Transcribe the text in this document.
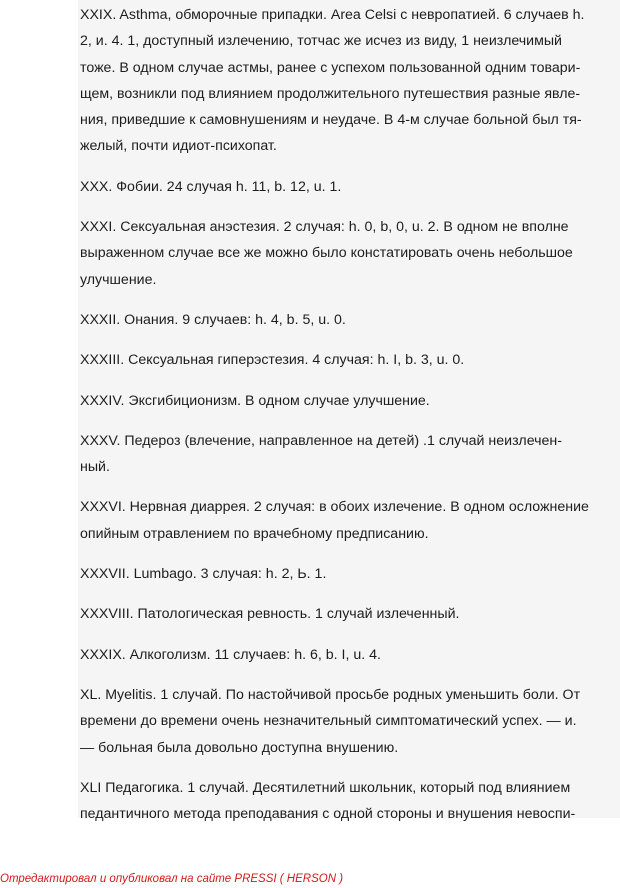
XXIX. Asthma, обморочные припадки. Area Celsi с невропатией. 6 случаев h.
2, и. 4. 1, доступный излечению, тотчас же исчез из виду, 1 неизлечимый
тоже. В одном случае астмы, ранее с успехом пользованной одним товари-
щем, возникли под влиянием продолжительного путешествия разные явле-
ния, приведшие к самовнушениям и неудаче. В 4-м случае больной был тя-
желый, почти идиот-психопат.

XXX. Фобии. 24 случая h. 11, b. 12, u. 1.

XXXI. Сексуальная анэстезия. 2 случая: h. 0, b, 0, u. 2. В одном не вполне
выраженном случае все же можно было констатировать очень небольшое
улучшение.

XXXII. Онания. 9 случаев: h. 4, b. 5, u. 0.

XXXIII. Сексуальная гиперэстезия. 4 случая: h. I, b. 3, u. 0.

XXXIV. Эксгибиционизм. В одном случае улучшение.

XXXV. Педероз (влечение, направленное на детей) .1 случай неизлечен-
ный.

XXXVI. Нервная диаррея. 2 случая: в обоих излечение. В одном осложнение
опийным отравлением по врачебному предписанию.

XXXVII. Lumbago. 3 случая: h. 2, Ь. 1.

XXXVIII. Патологическая ревность. 1 случай излеченный.

XXXIX. Алкоголизм. 11 случаев: h. 6, b. I, u. 4.

XL. Myelitis. 1 случай. По настойчивой просьбе родных уменьшить боли. От
времени до времени очень незначительный симптоматический успех. — и.
— больная была довольно доступна внушению.

XLI Педагогика. 1 случай. Десятилетний школьник, который под влиянием
педантичного метода преподавания с одной стороны и внушения невоспи-

Отредактировал и опубликовал на сайте PRESSI ( HERSON )
